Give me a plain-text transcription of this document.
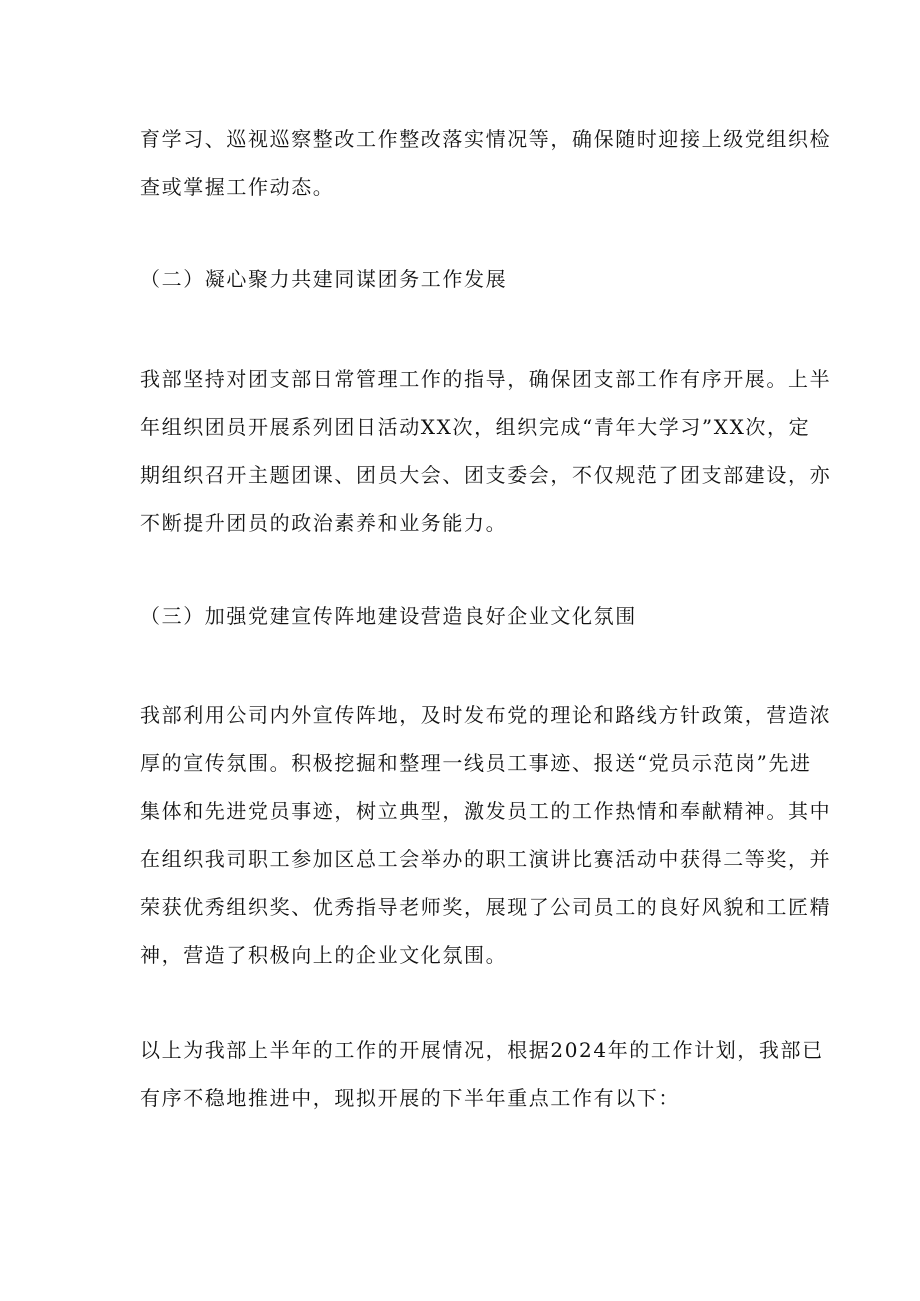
育学习、巡视巡察整改工作整改落实情况等，确保随时迎接上级党组织检

查或掌握工作动态。

（二）凝心聚力共建同谋团务工作发展

我部坚持对团支部日常管理工作的指导，确保团支部工作有序开展。上半

年组织团员开展系列团日活动XX次，组织完成“青年大学习”XX次，定

期组织召开主题团课、团员大会、团支委会，不仅规范了团支部建设，亦

不断提升团员的政治素养和业务能力。

（三）加强党建宣传阵地建设营造良好企业文化氛围

我部利用公司内外宣传阵地，及时发布党的理论和路线方针政策，营造浓

厚的宣传氛围。积极挖掘和整理一线员工事迹、报送“党员示范岗”先进

集体和先进党员事迹，树立典型，激发员工的工作热情和奉献精神。其中

在组织我司职工参加区总工会举办的职工演讲比赛活动中获得二等奖，并

荣获优秀组织奖、优秀指导老师奖，展现了公司员工的良好风貌和工匠精

神，营造了积极向上的企业文化氛围。

以上为我部上半年的工作的开展情况，根据2024年的工作计划，我部已

有序不稳地推进中，现拟开展的下半年重点工作有以下：
